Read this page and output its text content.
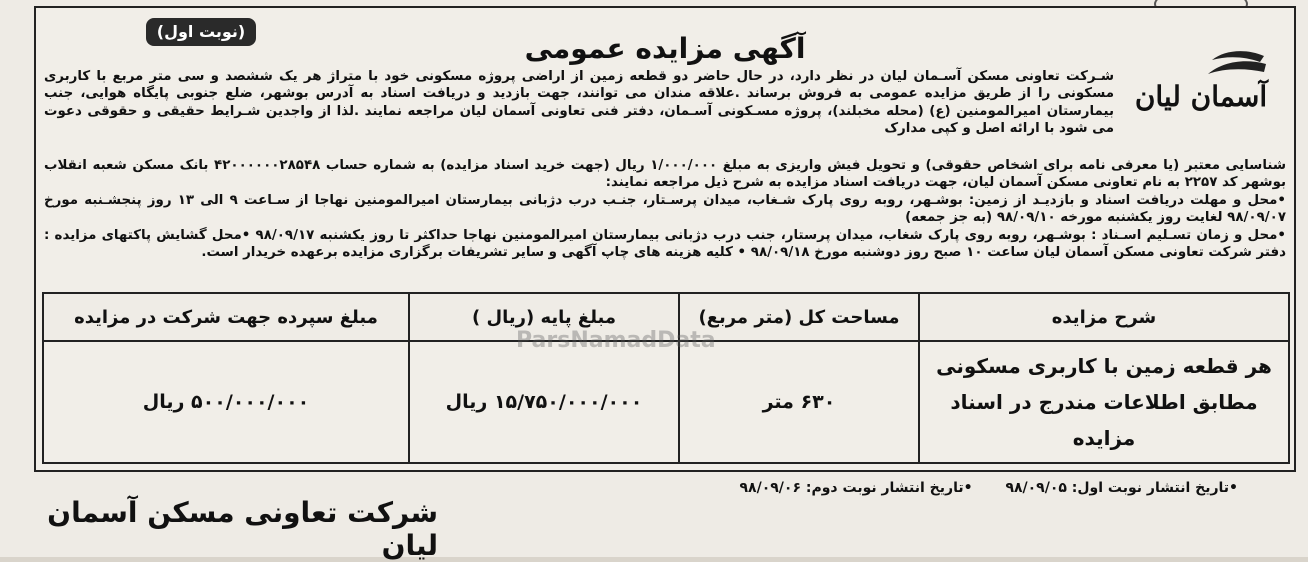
(نوبت اول)
آگهی مزایده عمومی
آسمان لیان

شـرکت تعاونی مسکن آسـمان لیان در نظر دارد، در حال حاضر دو قطعه زمین از اراضی پروژه مسکونی خود با متراژ هر یک ششصد و سی متر مربع با کاربری مسکونی را از طریق مزایده عمومی به فروش برساند .علاقه مندان می توانند، جهت بازدید و دریافت اسناد به آدرس بوشهر، ضلع جنوبی پایگاه هوایی، جنب بیمارستان امیرالمومنین (ع) (محله مخبلند)، پروژه مسـکونی آسـمان، دفتر فنی تعاونی آسمان لیان مراجعه نمایند .لذا از واجدین شـرایط حقیقی و حقوقی دعوت می شود با ارائه اصل و کپی مدارک

شناسایی معتبر (یا معرفی نامه برای اشخاص حقوقی) و تحویل فیش واریزی به مبلغ ۱/۰۰۰/۰۰۰ ریال (جهت خرید اسناد مزایده) به شماره حساب ۴۲۰۰۰۰۰۰۲۸۵۴۸ بانک مسکن شعبه انقلاب بوشهر کد ۲۲۵۷ به نام تعاونی مسکن آسمان لیان، جهت دریافت اسناد مزایده به شرح ذیل مراجعه نمایند:

•محل و مهلت دریافت اسناد و بازدیـد از زمین: بوشـهر، روبه روی پارک شـغاب، میدان پرسـتار، جنـب درب دژبانی بیمارستان امیرالمومنین نهاجا از سـاعت ۹ الی ۱۳ روز پنجشـنبه مورخ ۹۸/۰۹/۰۷ لغایت روز یکشنبه مورخه ۹۸/۰۹/۱۰ (به جز جمعه)

•محل و زمان تسـلیم اسـناد : بوشـهر، روبه روی پارک شغاب، میدان پرستار، جنب درب دژبانی بیمارستان امیرالمومنین نهاجا حداکثر تا روز یکشنبه ۹۸/۰۹/۱۷ •محل گشایش پاکتهای مزایده : دفتر شرکت تعاونی مسکن آسمان لیان ساعت ۱۰ صبح روز دوشنبه مورخ ۹۸/۰۹/۱۸ • کلیه هزینه های چاپ آگهی و سایر تشریفات برگزاری مزایده برعهده خریدار است.

شرح مزایده	مساحت کل (متر مربع)	مبلغ پایه (ریال )	مبلغ سپرده جهت شرکت در مزایده
هر قطعه زمین با کاربری مسکونی مطابق اطلاعات مندرج در اسناد مزایده	۶۳۰ متر	۱۵/۷۵۰/۰۰۰/۰۰۰ ریال	۵۰۰/۰۰۰/۰۰۰ ریال
ParsNamadData
•تاریخ انتشار نوبت اول: ۹۸/۰۹/۰۵ •تاریخ انتشار نوبت دوم: ۹۸/۰۹/۰۶
شرکت تعاونی مسکن آسمان لیان
